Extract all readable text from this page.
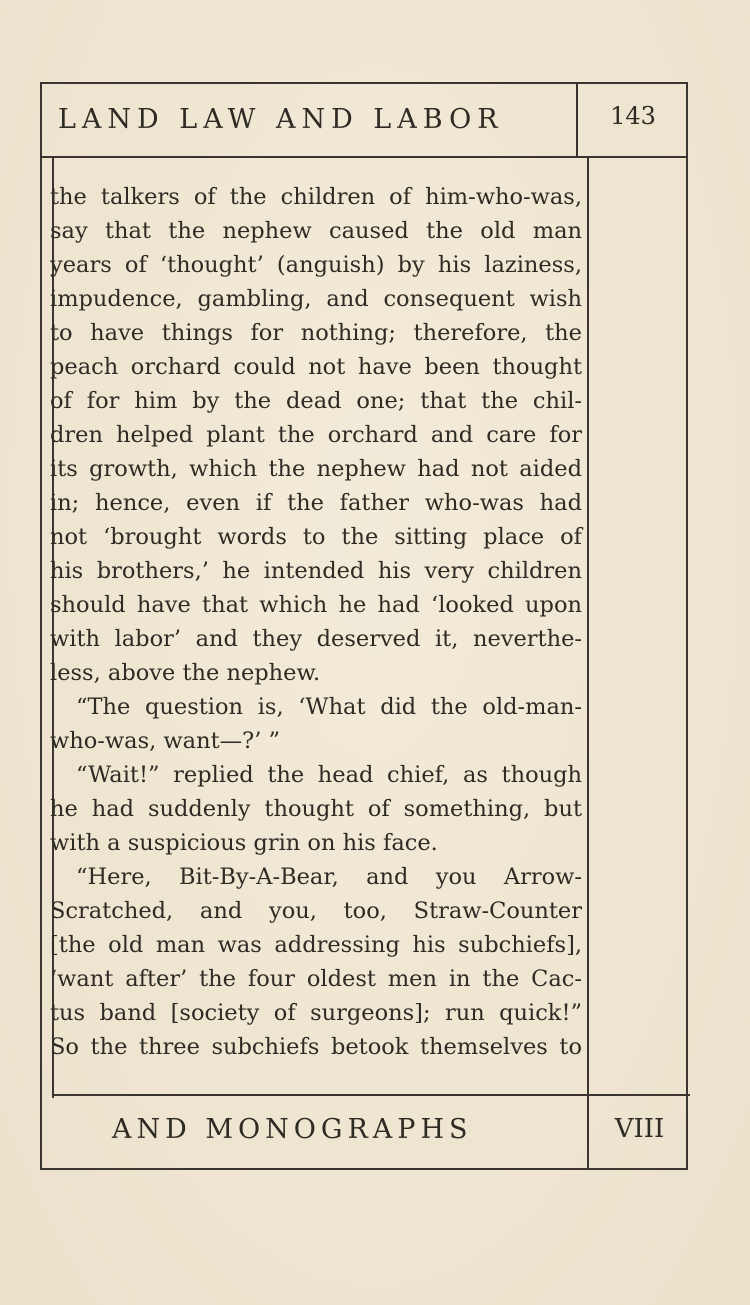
LAND LAW AND LABOR	143
the talkers of the children of him-who-was,
say that the nephew caused the old man
years of ‘thought’ (anguish) by his laziness,
impudence, gambling, and consequent wish
to have things for nothing; therefore, the
peach orchard could not have been thought
of for him by the dead one; that the chil-
dren helped plant the orchard and care for
its growth, which the nephew had not aided
in; hence, even if the father who-was had
not ‘brought words to the sitting place of
his brothers,’ he intended his very children
should have that which he had ‘looked upon
with labor’ and they deserved it, neverthe-
less, above the nephew.
“The question is, ‘What did the old-man-
who-was, want—?’ ”
“Wait!” replied the head chief, as though
he had suddenly thought of something, but
with a suspicious grin on his face.
“Here, Bit-By-A-Bear, and you Arrow-
Scratched, and you, too, Straw-Counter
[the old man was addressing his subchiefs],
‘want after’ the four oldest men in the Cac-
tus band [society of surgeons]; run quick!”
So the three subchiefs betook themselves to
AND MONOGRAPHS	VIII
